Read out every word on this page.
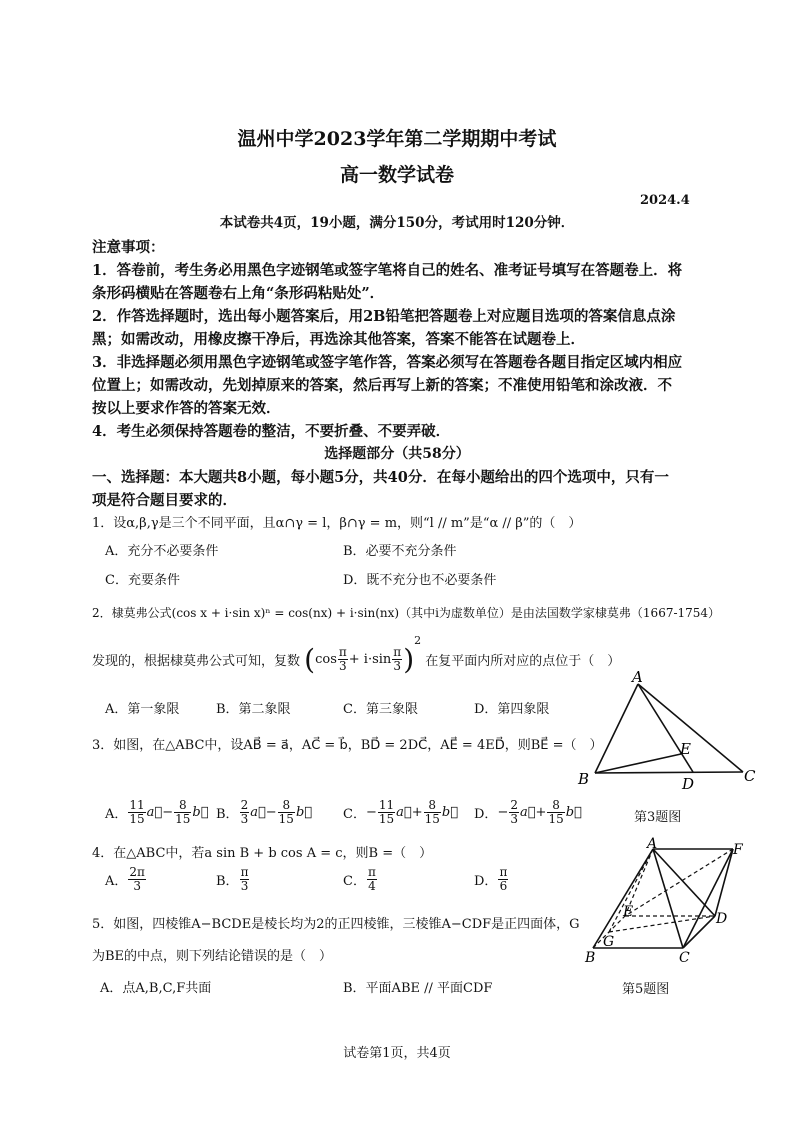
温州中学2023学年第二学期期中考试
高一数学试卷
2024.4
本试卷共4页，19小题，满分150分，考试用时120分钟．
注意事项：
1．答卷前，考生务必用黑色字迹钢笔或签字笔将自己的姓名、准考证号填写在答题卷上．将
条形码横贴在答题卷右上角“条形码粘贴处”．
2．作答选择题时，选出每小题答案后，用2B铅笔把答题卷上对应题目选项的答案信息点涂
黑；如需改动，用橡皮擦干净后，再选涂其他答案，答案不能答在试题卷上．
3．非选择题必须用黑色字迹钢笔或签字笔作答，答案必须写在答题卷各题目指定区域内相应
位置上；如需改动，先划掉原来的答案，然后再写上新的答案；不准使用铅笔和涂改液．不
按以上要求作答的答案无效．
4．考生必须保持答题卷的整洁，不要折叠、不要弄破．
选择题部分（共58分）
一、选择题：本大题共8小题，每小题5分，共40分．在每小题给出的四个选项中，只有一
项是符合题目要求的．
1．设α,β,γ是三个不同平面，且α∩γ = l，β∩γ = m，则“l // m”是“α // β”的（　）
A．充分不必要条件	B．必要不充分条件
C．充要条件	D．既不充分也不必要条件
2．棣莫弗公式(cos x + i·sin x)ⁿ = cos(nx) + i·sin(nx)（其中i为虚数单位）是由法国数学家棣莫弗（1667-1754）
发现的，根据棣莫弗公式可知，复数 $(\cos \frac{\pi}{3} + i\cdot\sin \frac{\pi}{3} )^2$ 在复平面内所对应的点位于（　）
A．第一象限	B．第二象限	C．第三象限	D．第四象限
3．如图，在△ABC中，设AB⃗ = a⃗，AC⃗ = b⃗，BD⃗ = 2DC⃗，AE⃗ = 4ED⃗，则BE⃗ =（　）
A． $\frac{11}{15}$ a⃗− $\frac{8}{15}$ b⃗ B． $\frac{2}{3}$ a⃗− $\frac{8}{15}$ b⃗ C．− $\frac{11}{15}$ a⃗+ $\frac{8}{15}$ b⃗ D．− $\frac{2}{3}$ a⃗+ $\frac{8}{15}$ b⃗
A
B	C
D
E
第3题图
4．在△ABC中，若a sin B + b cos A = c，则B =（　）
A． $\frac{2\pi}{3}$	B． $\frac{\pi}{3}$	C． $\frac{\pi}{4}$	D． $\frac{\pi}{6}$
5．如图，四棱锥A−BCDE是棱长均为2的正四棱锥，三棱锥A−CDF是正四面体，G
为BE的中点，则下列结论错误的是（　）
A．点A,B,C,F共面	B．平面ABE // 平面CDF
A	F
E	D
G
B	C
第5题图
试卷第1页，共4页
